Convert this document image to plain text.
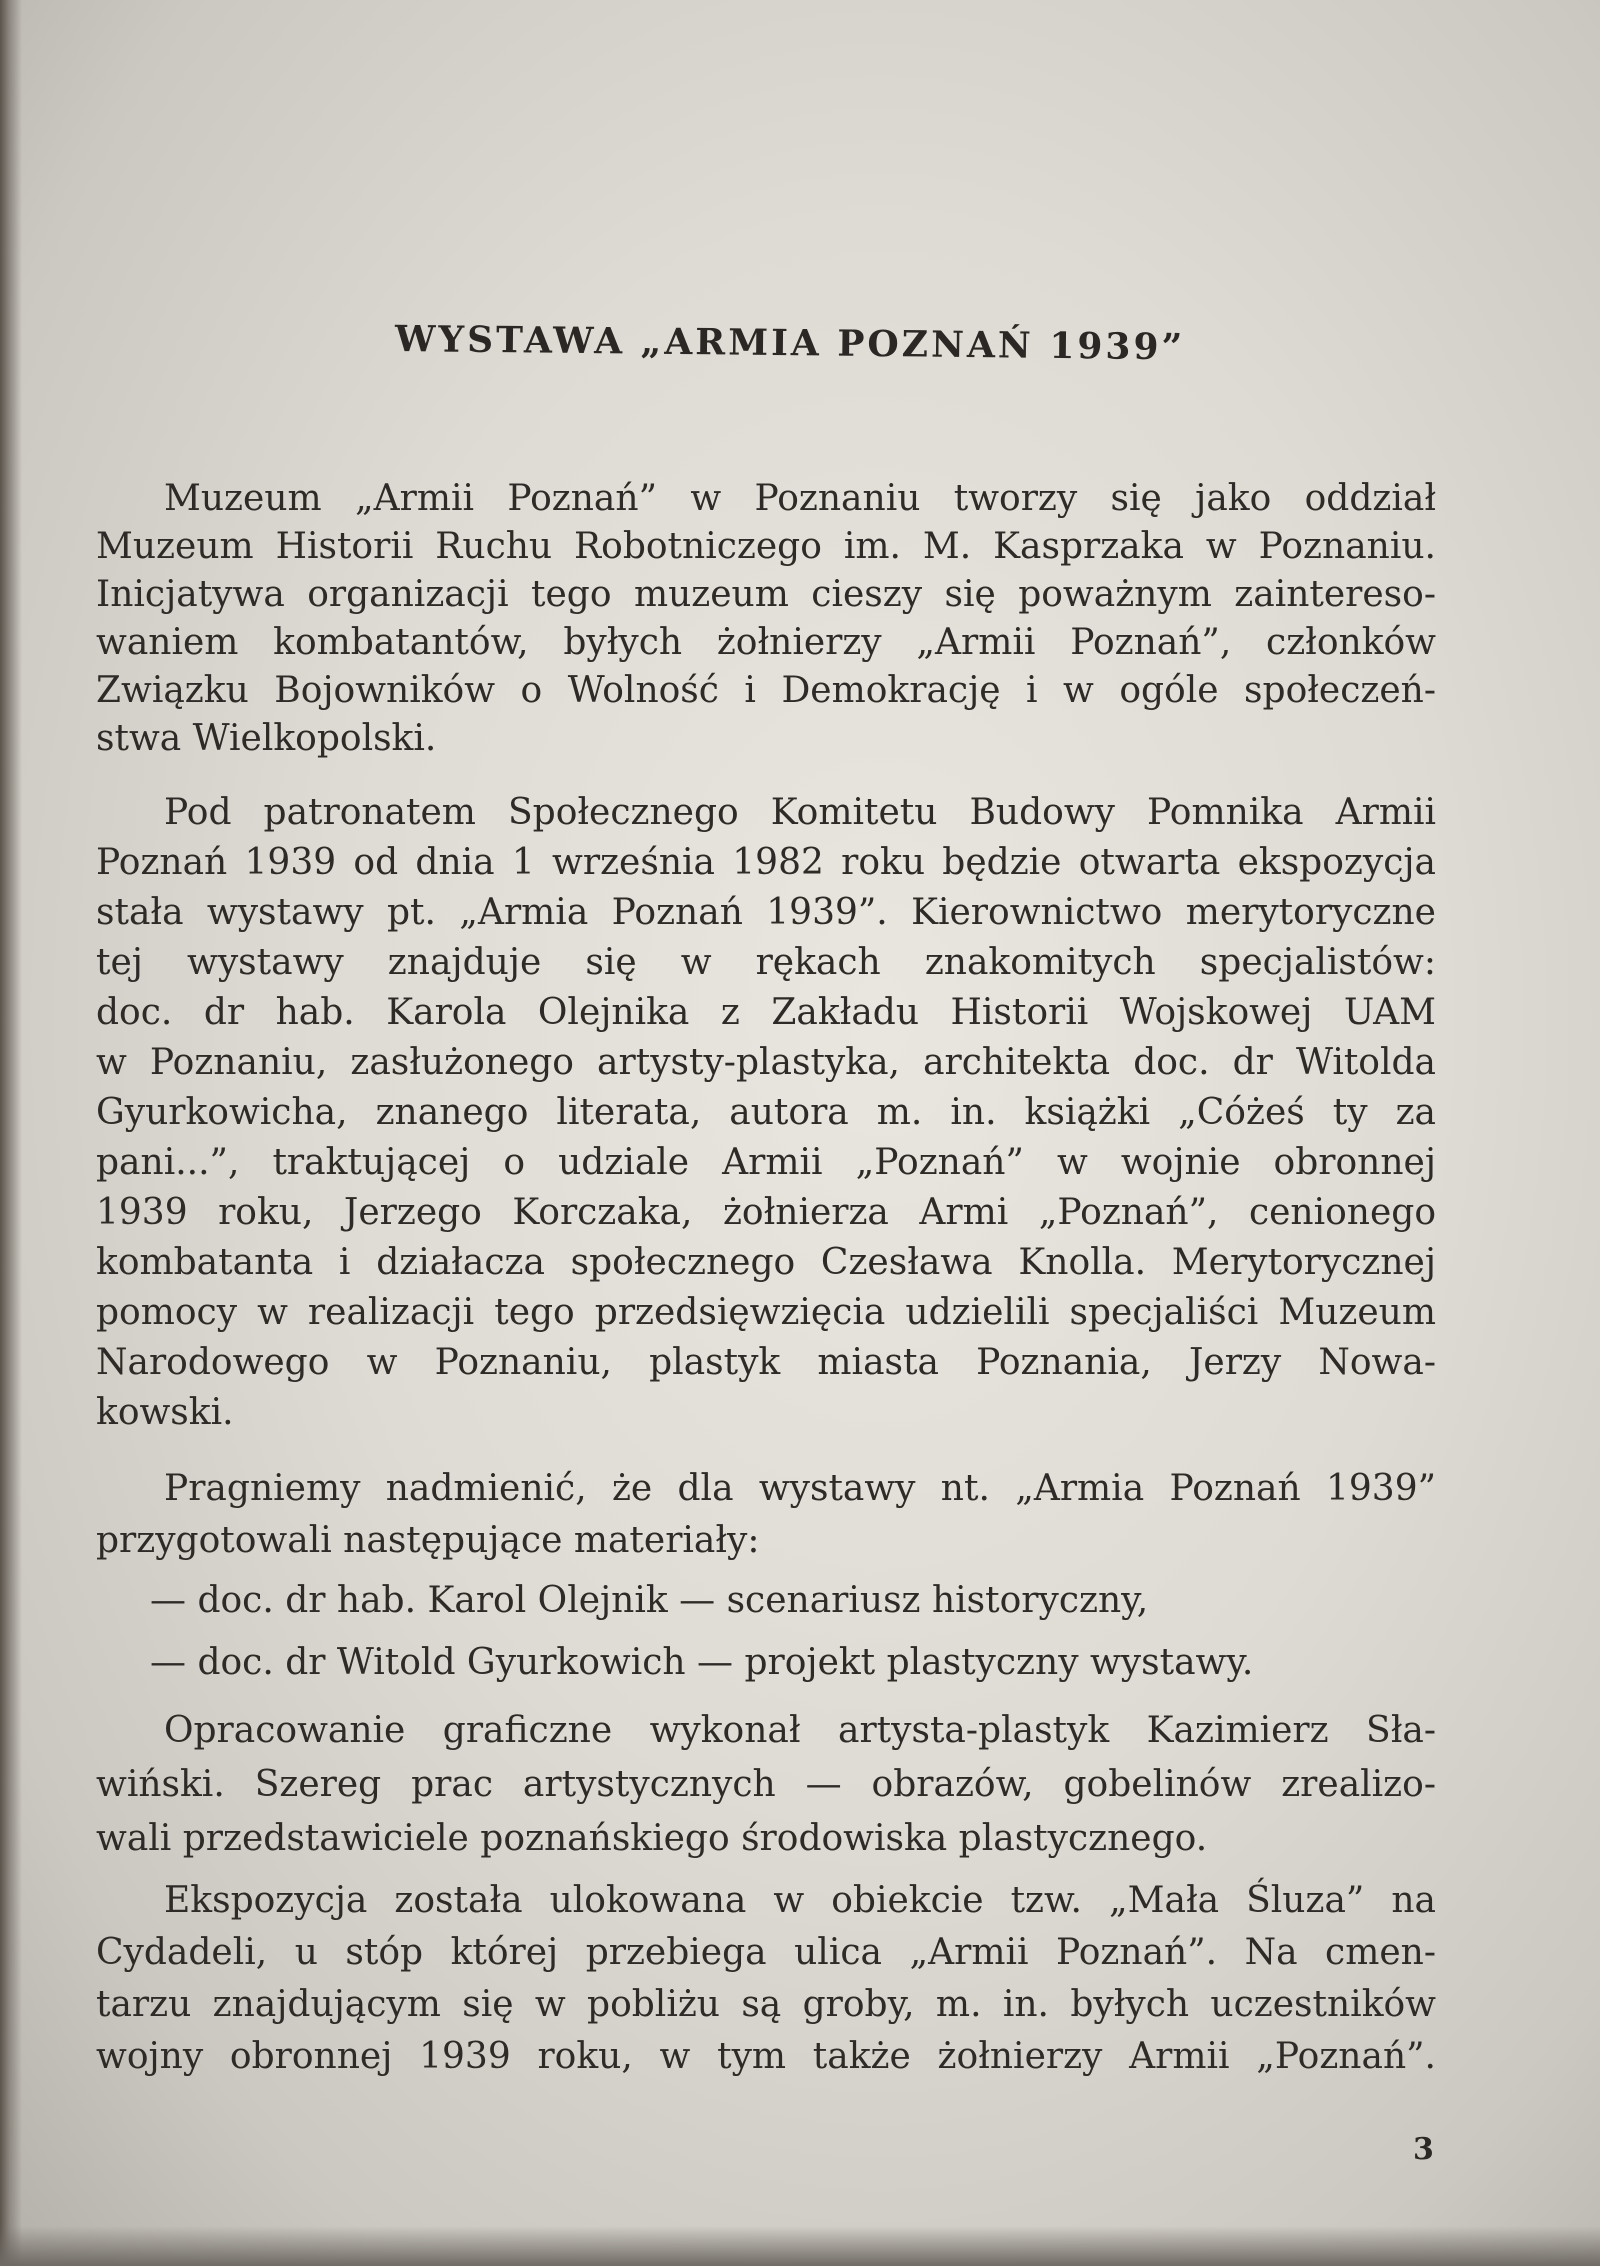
WYSTAWA „ARMIA POZNAŃ 1939”
Muzeum „Armii Poznań” w Poznaniu tworzy się jako oddział
Muzeum Historii Ruchu Robotniczego im. M. Kasprzaka w Poznaniu.
Inicjatywa organizacji tego muzeum cieszy się poważnym zaintereso-
waniem kombatantów, byłych żołnierzy „Armii Poznań”, członków
Związku Bojowników o Wolność i Demokrację i w ogóle społeczeń-
stwa Wielkopolski.
Pod patronatem Społecznego Komitetu Budowy Pomnika Armii
Poznań 1939 od dnia 1 września 1982 roku będzie otwarta ekspozycja
stała wystawy pt. „Armia Poznań 1939”. Kierownictwo merytoryczne
tej wystawy znajduje się w rękach znakomitych specjalistów:
doc. dr hab. Karola Olejnika z Zakładu Historii Wojskowej UAM
w Poznaniu, zasłużonego artysty-plastyka, architekta doc. dr Witolda
Gyurkowicha, znanego literata, autora m. in. książki „Cóżeś ty za
pani...”, traktującej o udziale Armii „Poznań” w wojnie obronnej
1939 roku, Jerzego Korczaka, żołnierza Armi „Poznań”, cenionego
kombatanta i działacza społecznego Czesława Knolla. Merytorycznej
pomocy w realizacji tego przedsięwzięcia udzielili specjaliści Muzeum
Narodowego w Poznaniu, plastyk miasta Poznania, Jerzy Nowa-
kowski.
Pragniemy nadmienić, że dla wystawy nt. „Armia Poznań 1939”
przygotowali następujące materiały:
— doc. dr hab. Karol Olejnik — scenariusz historyczny,
— doc. dr Witold Gyurkowich — projekt plastyczny wystawy.
Opracowanie graficzne wykonał artysta-plastyk Kazimierz Sła-
wiński. Szereg prac artystycznych — obrazów, gobelinów zrealizo-
wali przedstawiciele poznańskiego środowiska plastycznego.
Ekspozycja została ulokowana w obiekcie tzw. „Mała Śluza” na
Cydadeli, u stóp której przebiega ulica „Armii Poznań”. Na cmen-
tarzu znajdującym się w pobliżu są groby, m. in. byłych uczestników
wojny obronnej 1939 roku, w tym także żołnierzy Armii „Poznań”.
3
